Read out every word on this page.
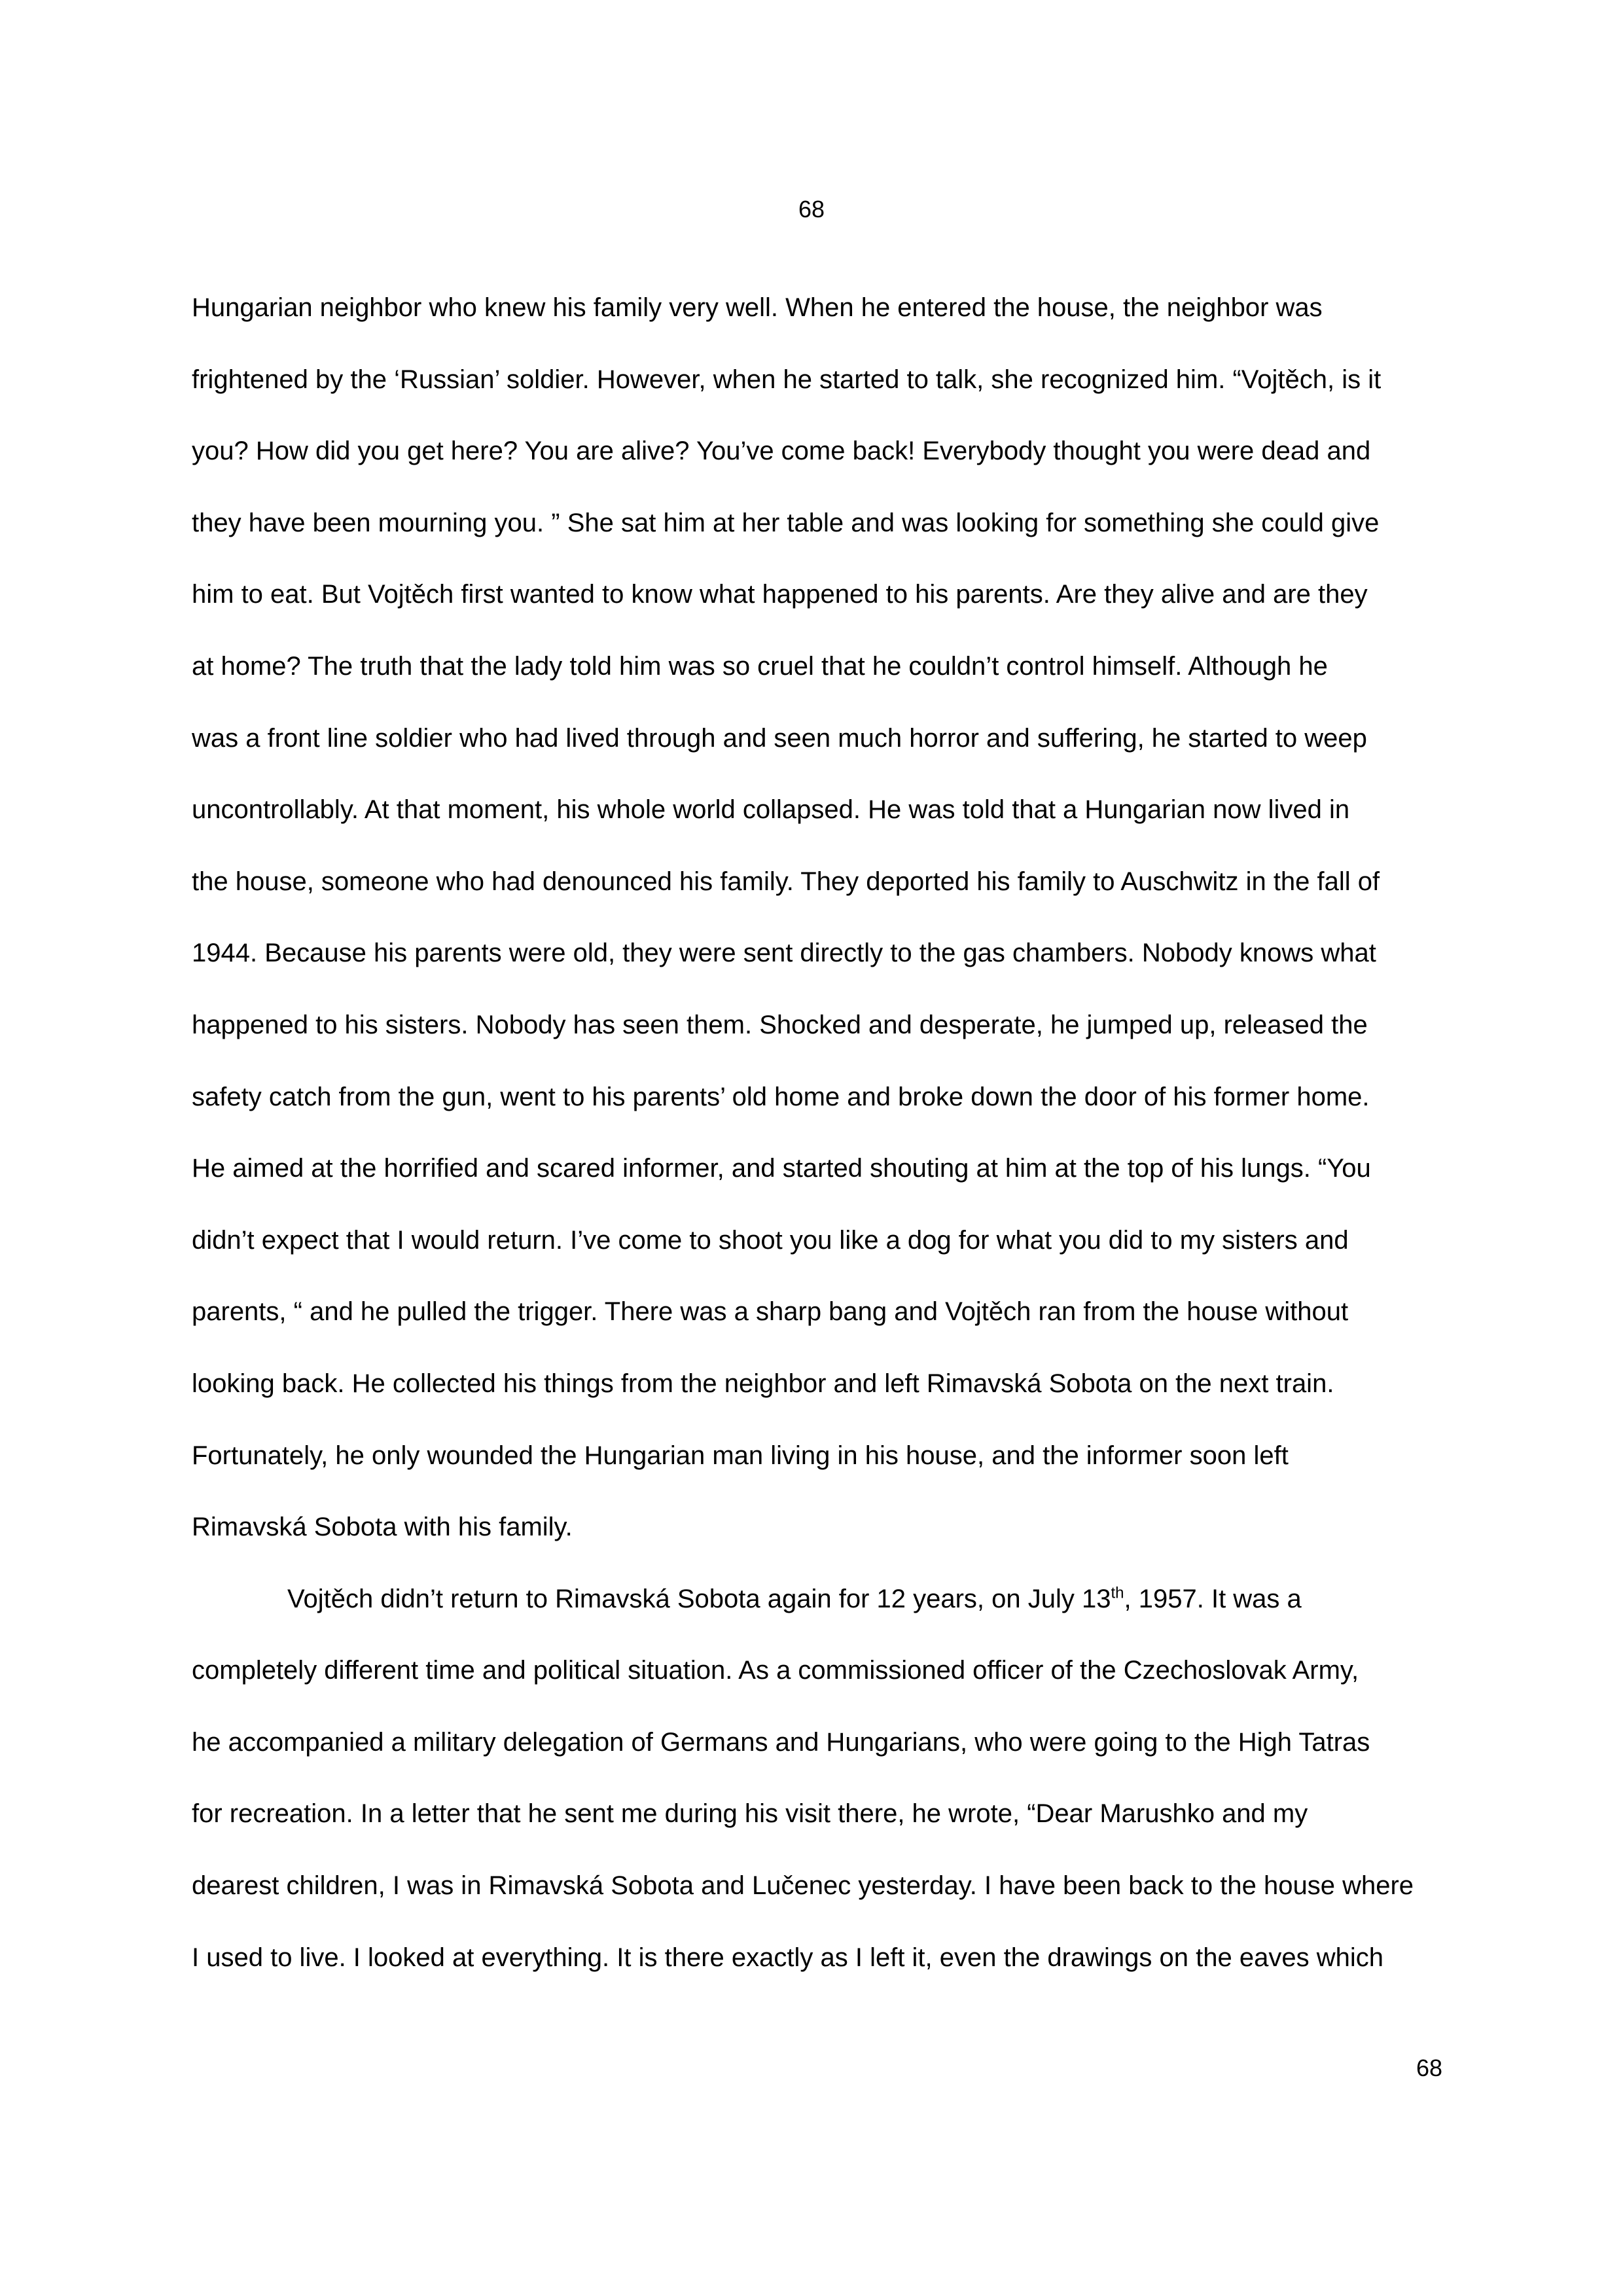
68
Hungarian neighbor who knew his family very well. When he entered the house, the neighbor was
frightened by the ‘Russian’ soldier. However, when he started to talk, she recognized him. “Vojtěch, is it
you? How did you get here? You are alive? You’ve come back! Everybody thought you were dead and
they have been mourning you. ” She sat him at her table and was looking for something she could give
him to eat. But Vojtěch first wanted to know what happened to his parents. Are they alive and are they
at home? The truth that the lady told him was so cruel that he couldn’t control himself. Although he
was a front line soldier who had lived through and seen much horror and suffering, he started to weep
uncontrollably. At that moment, his whole world collapsed. He was told that a Hungarian now lived in
the house, someone who had denounced his family. They deported his family to Auschwitz in the fall of
1944. Because his parents were old, they were sent directly to the gas chambers. Nobody knows what
happened to his sisters. Nobody has seen them. Shocked and desperate, he jumped up, released the
safety catch from the gun, went to his parents’ old home and broke down the door of his former home.
He aimed at the horrified and scared informer, and started shouting at him at the top of his lungs. “You
didn’t expect that I would return. I’ve come to shoot you like a dog for what you did to my sisters and
parents, “ and he pulled the trigger. There was a sharp bang and Vojtěch ran from the house without
looking back. He collected his things from the neighbor and left Rimavská Sobota on the next train.
Fortunately, he only wounded the Hungarian man living in his house, and the informer soon left
Rimavská Sobota with his family.
Vojtěch didn’t return to Rimavská Sobota again for 12 years, on July 13th, 1957. It was a
completely different time and political situation. As a commissioned officer of the Czechoslovak Army,
he accompanied a military delegation of Germans and Hungarians, who were going to the High Tatras
for recreation. In a letter that he sent me during his visit there, he wrote, “Dear Marushko and my
dearest children, I was in Rimavská Sobota and Lučenec yesterday. I have been back to the house where
I used to live. I looked at everything. It is there exactly as I left it, even the drawings on the eaves which
68
